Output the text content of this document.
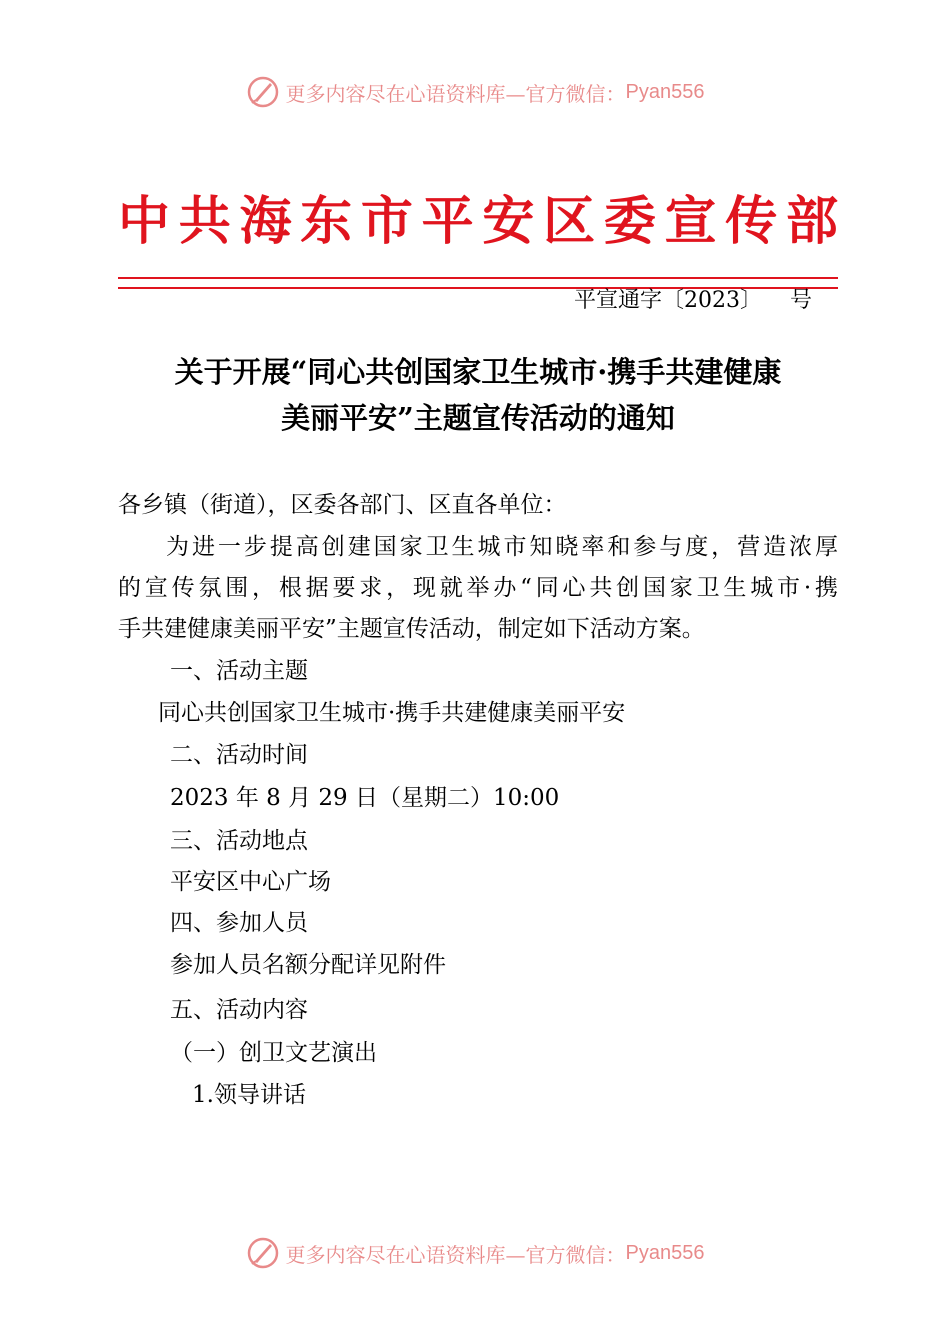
更多内容尽在心语资料库—官方微信： Pyan556
中共海东市平安区委宣传部
平宣通字〔2023〕 号
关于开展“同心共创国家卫生城市·携手共建健康
美丽平安”主题宣传活动的通知
各乡镇（街道），区委各部门、区直各单位：
为进一步提高创建国家卫生城市知晓率和参与度，营造浓厚
的宣传氛围，根据要求，现就举办“同心共创国家卫生城市·携
手共建健康美丽平安”主题宣传活动，制定如下活动方案。
一、活动主题
同心共创国家卫生城市·携手共建健康美丽平安
二、活动时间
2023 年 8 月 29 日（星期二）10:00
三、活动地点
平安区中心广场
四、参加人员
参加人员名额分配详见附件
五、活动内容
（一）创卫文艺演出
1.领导讲话
更多内容尽在心语资料库—官方微信： Pyan556
